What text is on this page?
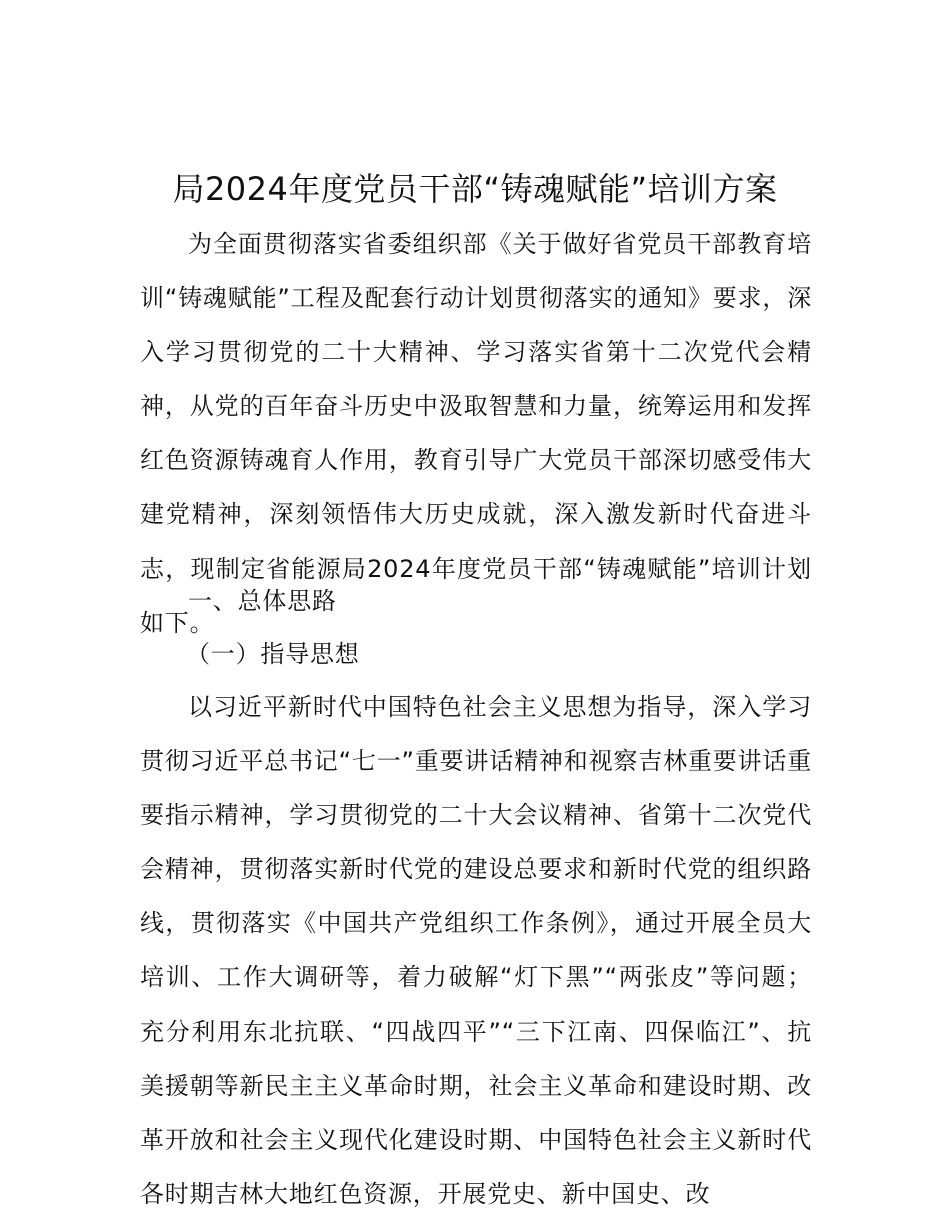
局2024年度党员干部“铸魂赋能”培训方案
为全面贯彻落实省委组织部《关于做好省党员干部教育培训“铸魂赋能”工程及配套行动计划贯彻落实的通知》要求，深入学习贯彻党的二十大精神、学习落实省第十二次党代会精神，从党的百年奋斗历史中汲取智慧和力量，统筹运用和发挥红色资源铸魂育人作用，教育引导广大党员干部深切感受伟大建党精神，深刻领悟伟大历史成就，深入激发新时代奋进斗志，现制定省能源局2024年度党员干部“铸魂赋能”培训计划如下。
一、总体思路
（一）指导思想
以习近平新时代中国特色社会主义思想为指导，深入学习贯彻习近平总书记“七一”重要讲话精神和视察吉林重要讲话重要指示精神，学习贯彻党的二十大会议精神、省第十二次党代会精神，贯彻落实新时代党的建设总要求和新时代党的组织路线，贯彻落实《中国共产党组织工作条例》，通过开展全员大培训、工作大调研等，着力破解“灯下黑”“两张皮”等问题；充分利用东北抗联、“四战四平”“三下江南、四保临江”、抗美援朝等新民主主义革命时期，社会主义革命和建设时期、改革开放和社会主义现代化建设时期、中国特色社会主义新时代各时期吉林大地红色资源，开展党史、新中国史、改
